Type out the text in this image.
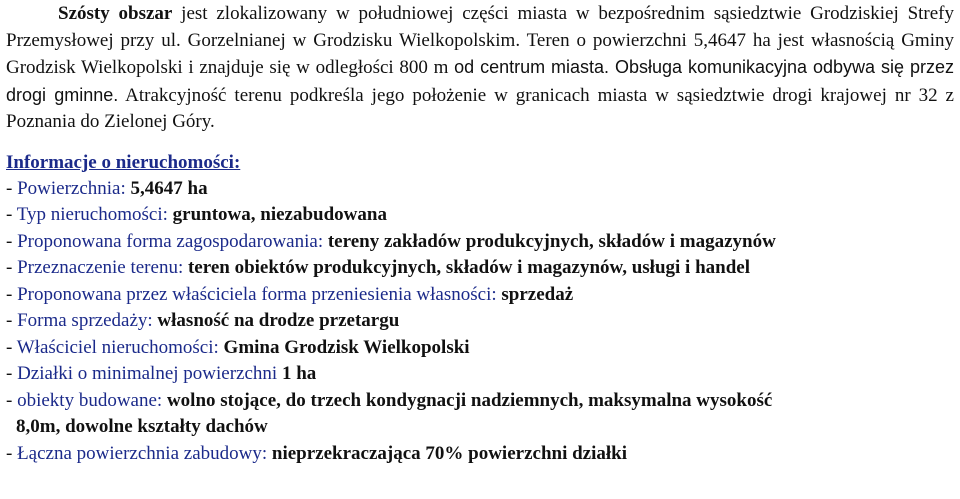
Szósty obszar jest zlokalizowany w południowej części miasta w bezpośrednim sąsiedztwie Grodziskiej Strefy Przemysłowej przy ul. Gorzelnianej w Grodzisku Wielkopolskim. Teren o powierzchni 5,4647 ha jest własnością Gminy Grodzisk Wielkopolski i znajduje się w odległości 800 m od centrum miasta. Obsługa komunikacyjna odbywa się przez drogi gminne. Atrakcyjność terenu podkreśla jego położenie w granicach miasta w sąsiedztwie drogi krajowej nr 32 z Poznania do Zielonej Góry.

Informacje o nieruchomości:
- Powierzchnia: 5,4647 ha
- Typ nieruchomości: gruntowa, niezabudowana
- Proponowana forma zagospodarowania: tereny zakładów produkcyjnych, składów i magazynów
- Przeznaczenie terenu: teren obiektów produkcyjnych, składów i magazynów, usługi i handel
- Proponowana przez właściciela forma przeniesienia własności: sprzedaż
- Forma sprzedaży: własność na drodze przetargu
- Właściciel nieruchomości: Gmina Grodzisk Wielkopolski
- Działki o minimalnej powierzchni 1 ha
- obiekty budowane: wolno stojące, do trzech kondygnacji nadziemnych, maksymalna wysokość
8,0m, dowolne kształty dachów
- Łączna powierzchnia zabudowy: nieprzekraczająca 70% powierzchni działki
